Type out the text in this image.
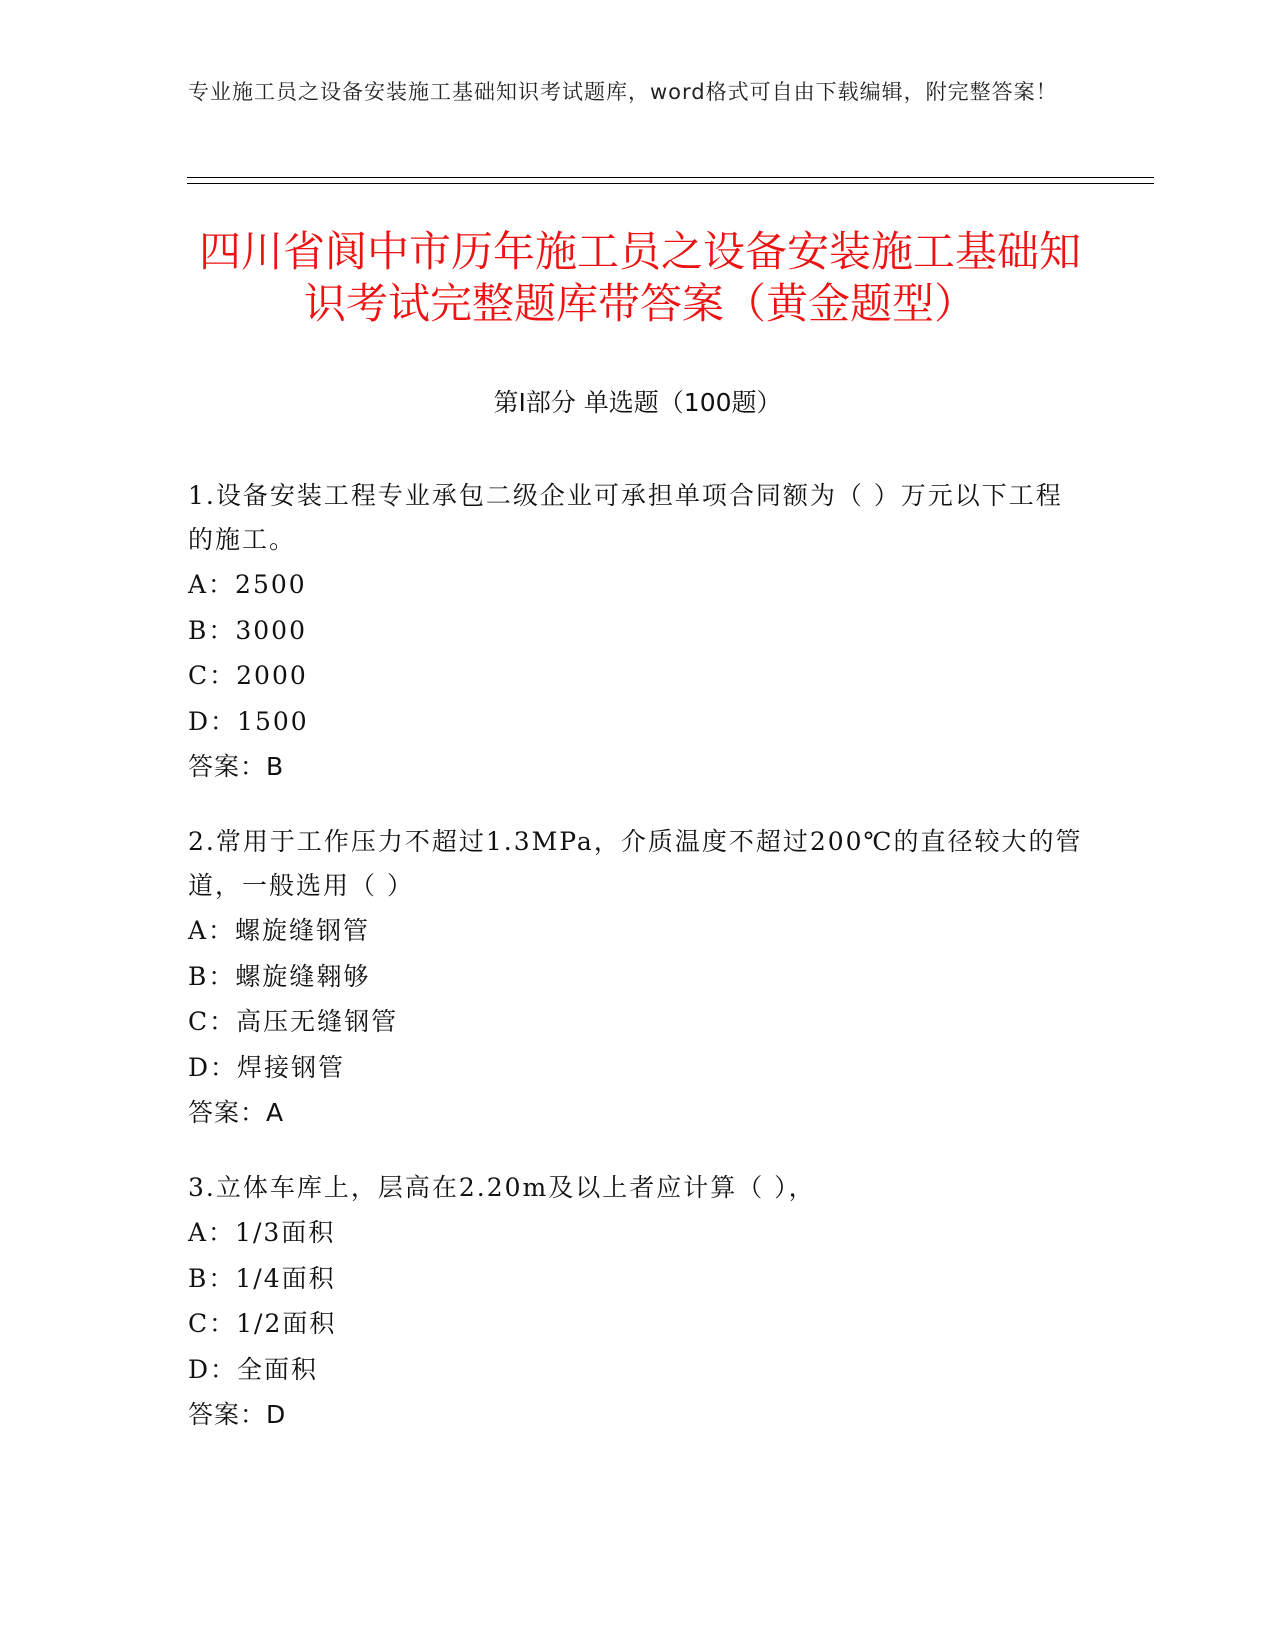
专业施工员之设备安装施工基础知识考试题库，word格式可自由下载编辑，附完整答案！
四川省阆中市历年施工员之设备安装施工基础知识考试完整题库带答案（黄金题型）
第Ⅰ部分 单选题（100题）
1.设备安装工程专业承包二级企业可承担单项合同额为（ ）万元以下工程的施工。
A：2500
B：3000
C：2000
D：1500
答案：B
2.常用于工作压力不超过1.3MPa，介质温度不超过200℃的直径较大的管道，一般选用（ ）
A：螺旋缝钢管
B：螺旋缝翱够
C：高压无缝钢管
D：焊接钢管
答案：A
3.立体车库上，层高在2.20m及以上者应计算（ ），
A：1/3面积
B：1/4面积
C：1/2面积
D：全面积
答案：D
